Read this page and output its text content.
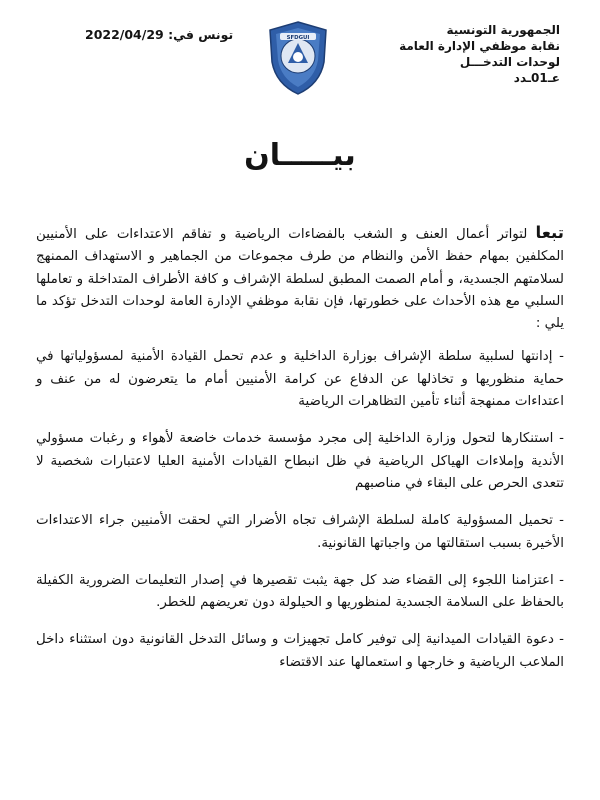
الجمهورية التونسية
نقابة موظفي الإدارة العامة
لوحدات التدخـــل
عـ01ـدد
SFDGUI
تونس في: 2022/04/29
بيـــــان

تبعا لتواتر أعمال العنف و الشغب بالفضاءات الرياضية و تفاقم الاعتداءات على الأمنيين المكلفين بمهام حفظ الأمن والنظام من طرف مجموعات من الجماهير و الاستهداف الممنهج لسلامتهم الجسدية، و أمام الصمت المطبق لسلطة الإشراف و كافة الأطراف المتداخلة و تعاملها السلبي مع هذه الأحداث على خطورتها، فإن نقابة موظفي الإدارة العامة لوحدات التدخل تؤكد ما يلي :

- إدانتها لسلبية سلطة الإشراف بوزارة الداخلية و عدم تحمل القيادة الأمنية لمسؤولياتها في حماية منظوريها و تخاذلها عن الدفاع عن كرامة الأمنيين أمام ما يتعرضون له من عنف و اعتداءات ممنهجة أثناء تأمين التظاهرات الرياضية

- استنكارها لتحول وزارة الداخلية إلى مجرد مؤسسة خدمات خاضعة لأهواء و رغبات مسؤولي الأندية وإملاءات الهياكل الرياضية في ظل انبطاح القيادات الأمنية العليا لاعتبارات شخصية لا تتعدى الحرص على البقاء في مناصبهم

- تحميل المسؤولية كاملة لسلطة الإشراف تجاه الأضرار التي لحقت الأمنيين جراء الاعتداءات الأخيرة بسبب استقالتها من واجباتها القانونية.

- اعتزامنا اللجوء إلى القضاء ضد كل جهة يثبت تقصيرها في إصدار التعليمات الضرورية الكفيلة بالحفاظ على السلامة الجسدية لمنظوريها و الحيلولة دون تعريضهم للخطر.

- دعوة القيادات الميدانية إلى توفير كامل تجهيزات و وسائل التدخل القانونية دون استثناء داخل الملاعب الرياضية و خارجها و استعمالها عند الاقتضاء
